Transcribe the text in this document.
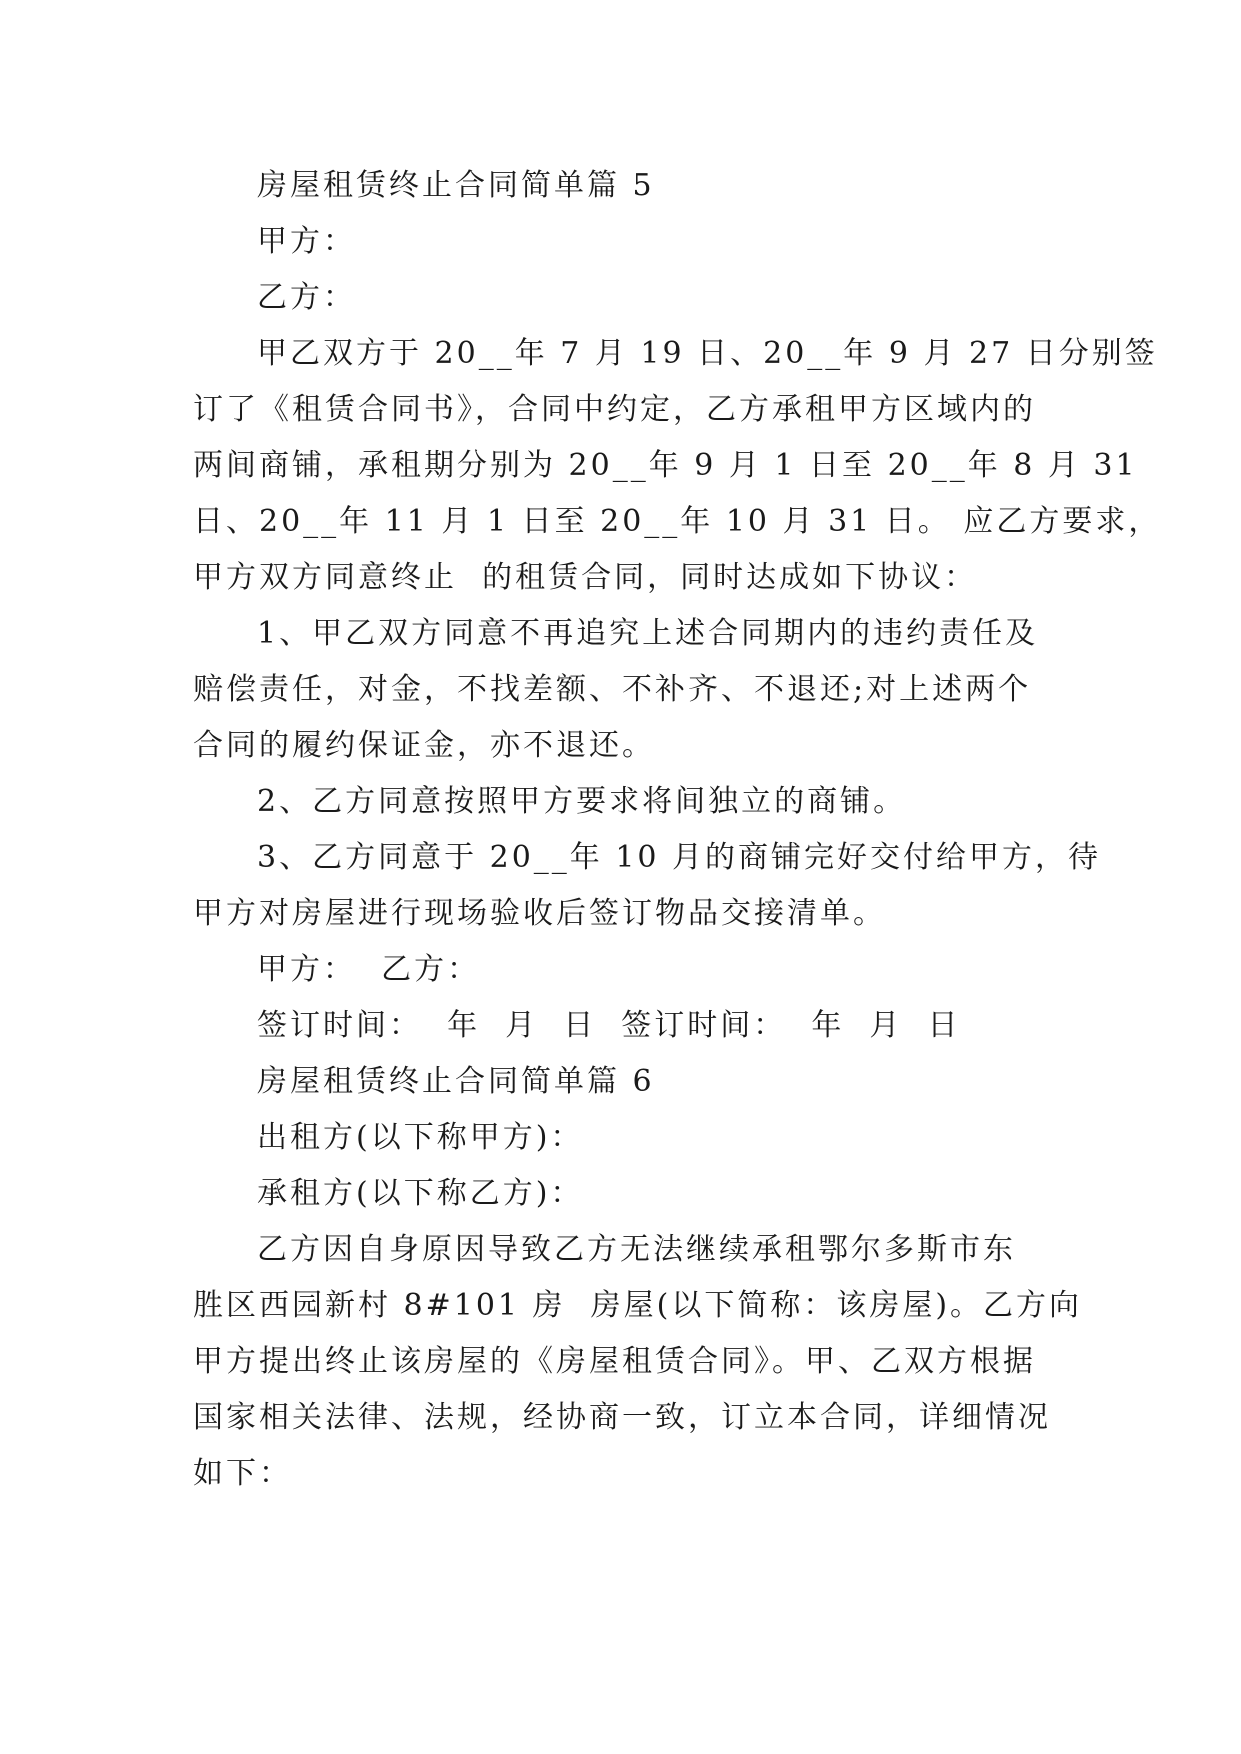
房屋租赁终止合同简单篇 5
甲方：
乙方：
甲乙双方于 20__年 7 月 19 日、20__年 9 月 27 日分别签
订了《租赁合同书》，合同中约定，乙方承租甲方区域内的
两间商铺，承租期分别为 20__年 9 月 1 日至 20__年 8 月 31
日、20__年 11 月 1 日至 20__年 10 月 31 日。 应乙方要求，
甲方双方同意终止  的租赁合同，同时达成如下协议：
1、甲乙双方同意不再追究上述合同期内的违约责任及
赔偿责任，对金，不找差额、不补齐、不退还;对上述两个
合同的履约保证金，亦不退还。
2、乙方同意按照甲方要求将间独立的商铺。
3、乙方同意于 20__年 10 月的商铺完好交付给甲方，待
甲方对房屋进行现场验收后签订物品交接清单。
甲方：  乙方：
签订时间：  年  月  日  签订时间：  年  月  日
房屋租赁终止合同简单篇 6
出租方(以下称甲方)：
承租方(以下称乙方)：
乙方因自身原因导致乙方无法继续承租鄂尔多斯市东
胜区西园新村 8#101 房  房屋(以下简称：该房屋)。乙方向
甲方提出终止该房屋的《房屋租赁合同》。甲、乙双方根据
国家相关法律、法规，经协商一致，订立本合同，详细情况
如下：
